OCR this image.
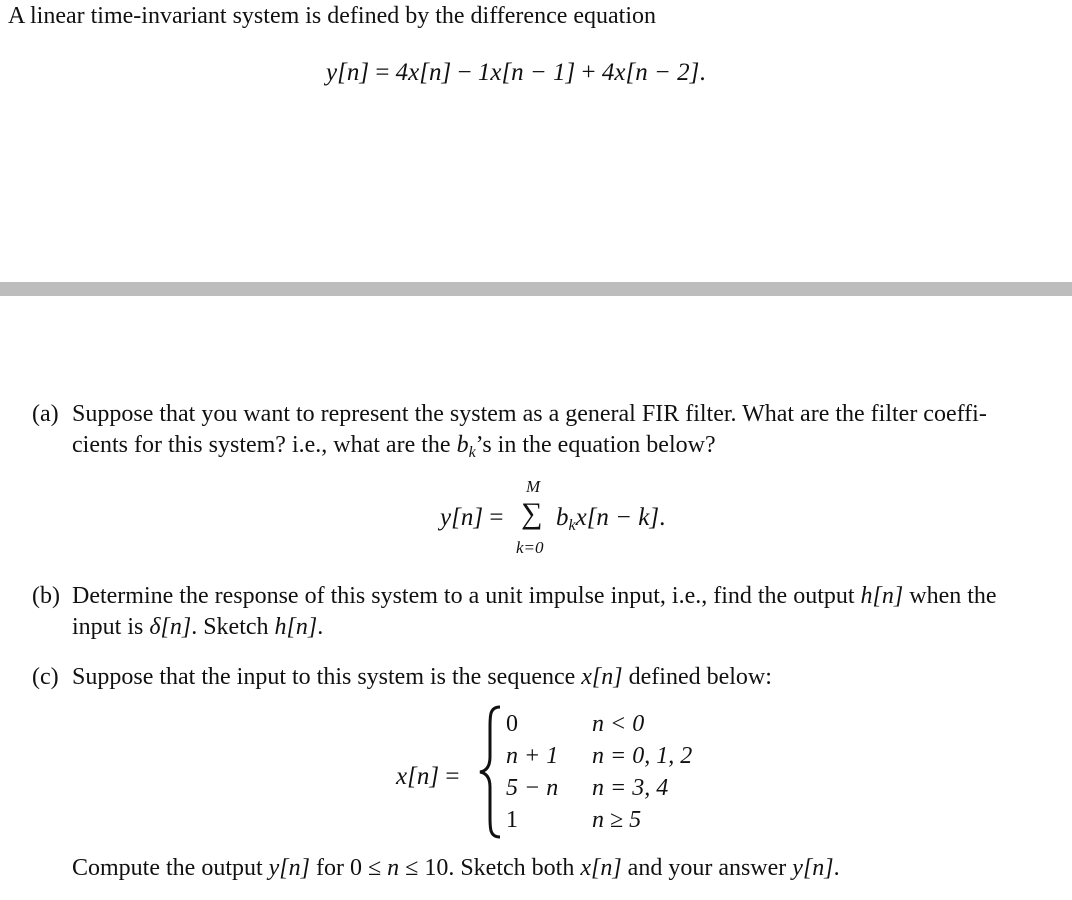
A linear time-invariant system is defined by the difference equation
y[n] = 4x[n] − 1x[n − 1] + 4x[n − 2].
(a) Suppose that you want to represent the system as a general FIR filter. What are the filter coeffi-
cients for this system? i.e., what are the $b_k’s$ in the equation below?
y[n] =
M
∑
k=0
$b_kx[n - k]$.
(b) Determine the response of this system to a unit impulse input, i.e., find the output h[n] when the
input is δ[n]. Sketch h[n].
(c) Suppose that the input to this system is the sequence x[n] defined below:
x[n] =
0	n < 0
n + 1 n = 0, 1, 2
5 − n n = 3, 4
1	n ≥ 5
Compute the output y[n] for 0 ≤ n ≤ 10. Sketch both x[n] and your answer y[n].
